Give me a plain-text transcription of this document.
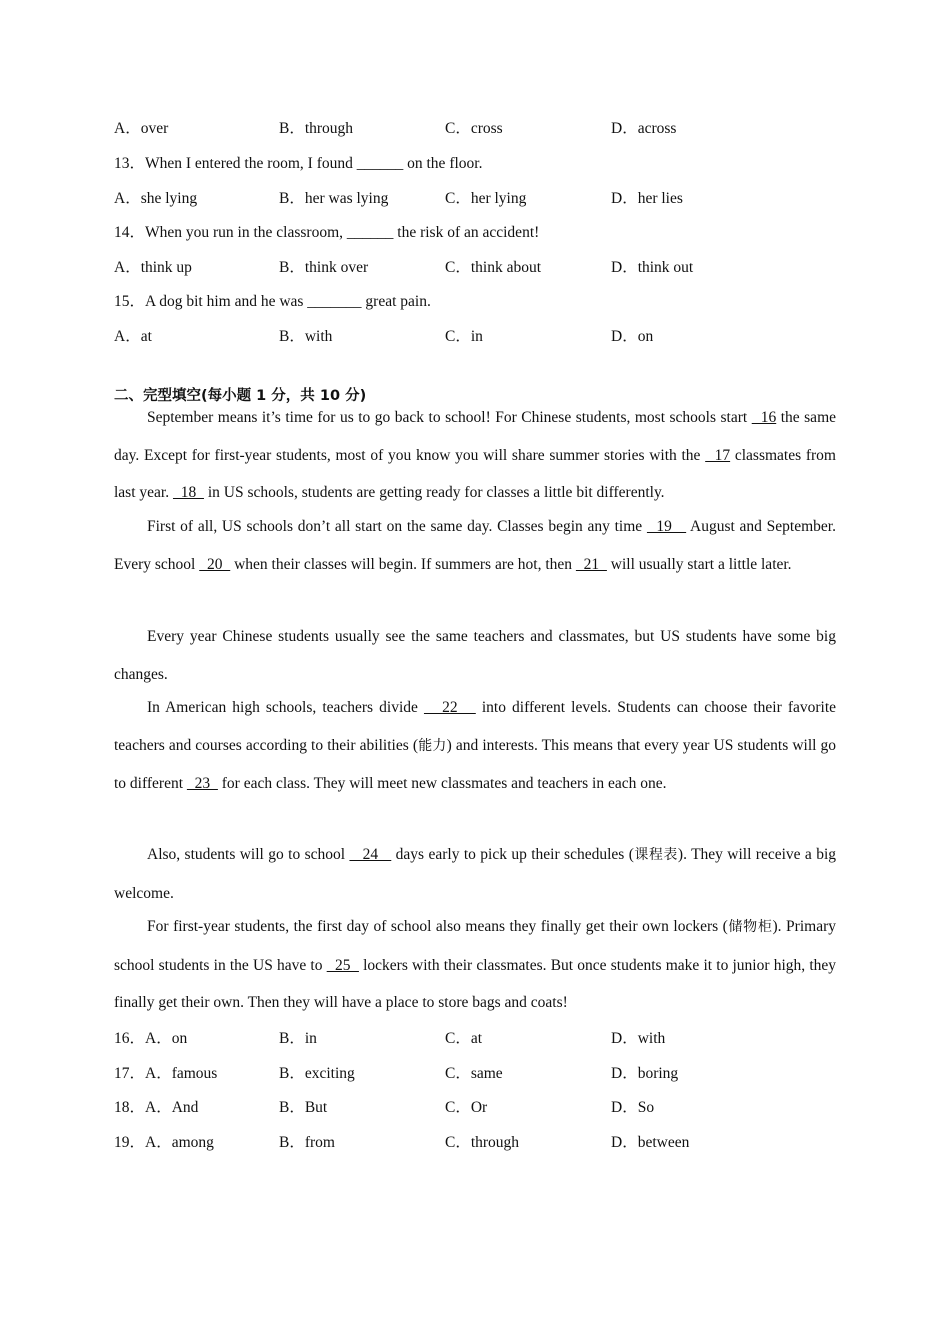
A．over	B．through	C．cross	D．across
13．When I entered the room, I found ______ on the floor.
A．she lying	B．her was lying	C．her lying	D．her lies
14．When you run in the classroom, ______ the risk of an accident!
A．think up	B．think over	C．think about	D．think out
15．A dog bit him and he was _______ great pain.
A．at	B．with	C．in	D．on
二、完型填空(每小题 1 分，共 10 分)
September means it’s time for us to go back to school! For Chinese students, most schools start   16 the same day. Except for first-year students, most of you know you will share summer stories with the   17 classmates from last year.   18   in US schools, students are getting ready for classes a little bit differently.
First of all, US schools don’t all start on the same day. Classes begin any time   19    August and September. Every school   20   when their classes will begin. If summers are hot, then   21   will usually start a little later.
Every year Chinese students usually see the same teachers and classmates, but US students have some big changes.
In American high schools, teachers divide    22    into different levels. Students can choose their favorite teachers and courses according to their abilities (能力) and interests. This means that every year US students will go to different   23   for each class. They will meet new classmates and teachers in each one.
Also, students will go to school    24    days early to pick up their schedules (课程表). They will receive a big welcome.
For first-year students, the first day of school also means they finally get their own lockers (储物柜). Primary school students in the US have to   25   lockers with their classmates. But once students make it to junior high, they finally get their own. Then they will have a place to store bags and coats!
16．A．on	B．in	C．at	D．with
17．A．famous	B．exciting	C．same	D．boring
18．A．And	B．But	C．Or	D．So
19．A．among	B．from	C．through	D．between
